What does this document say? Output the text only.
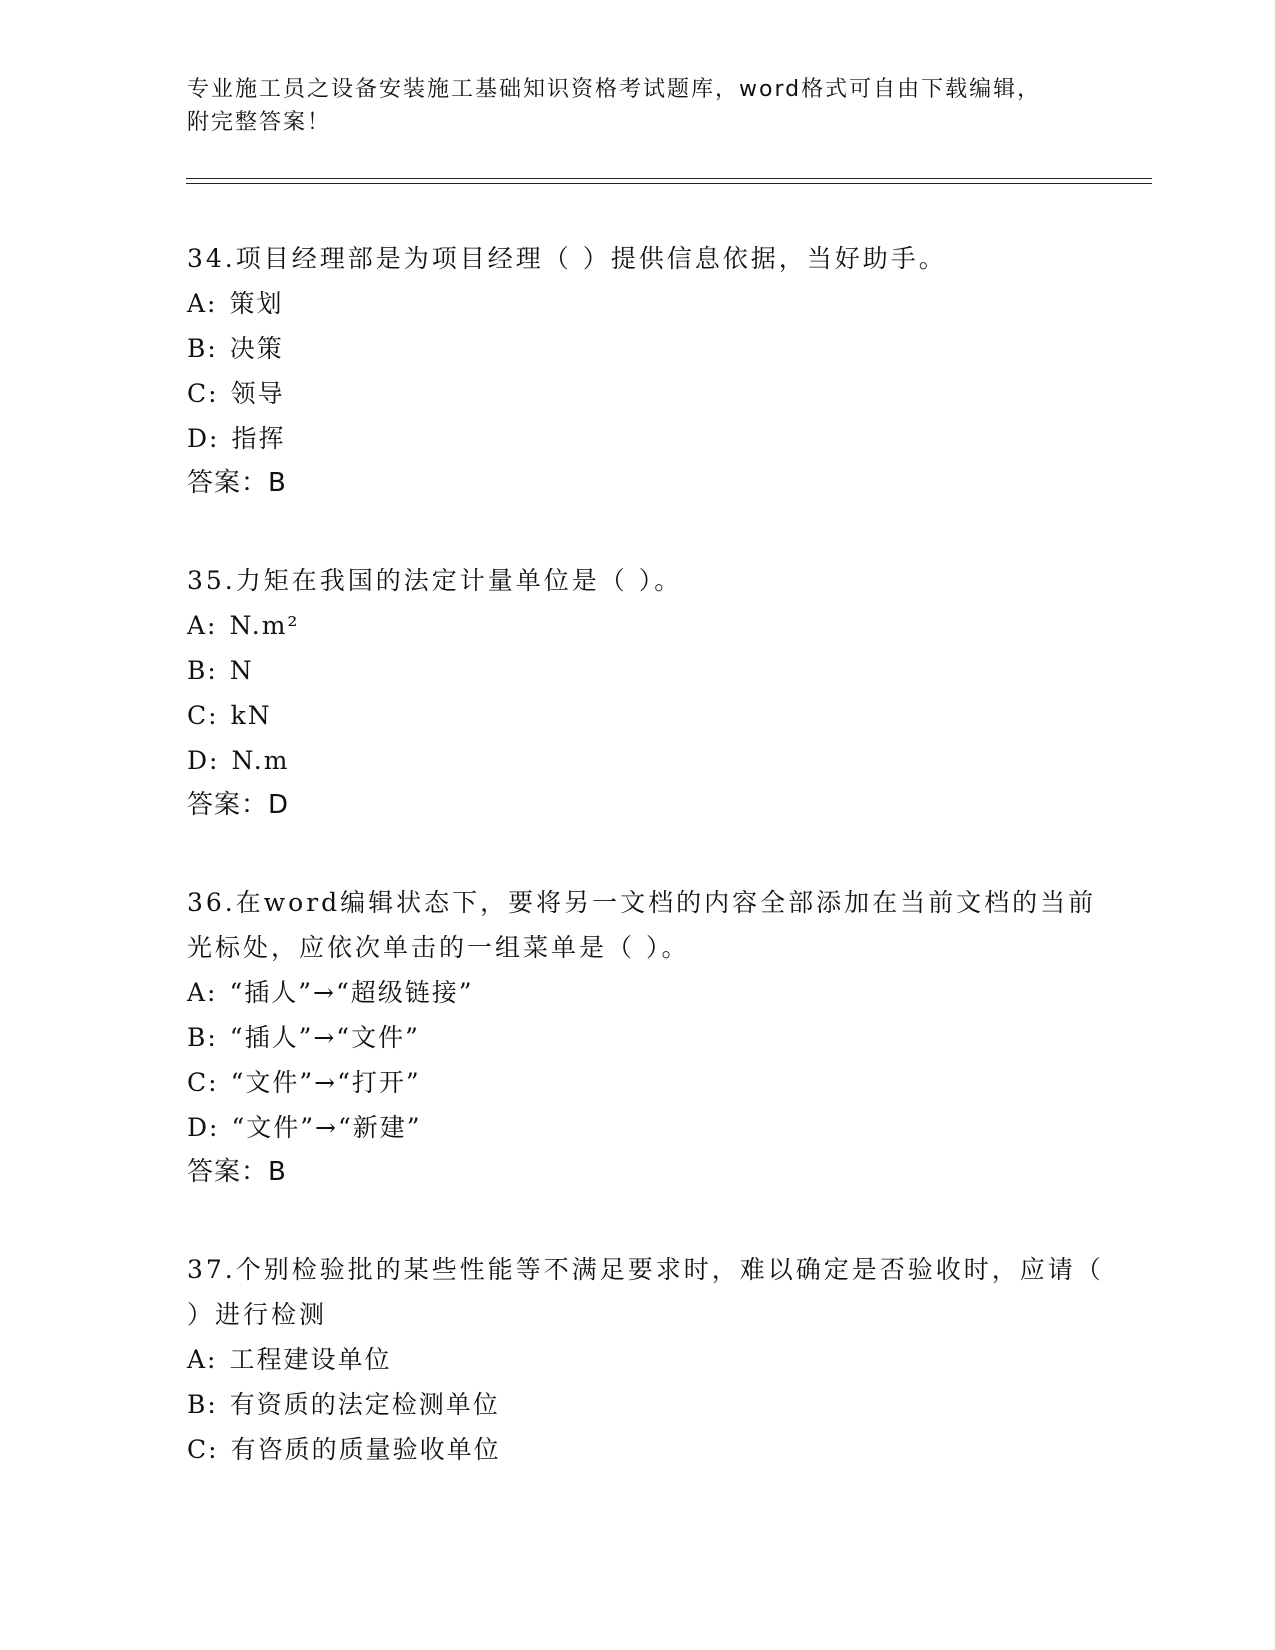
专业施工员之设备安装施工基础知识资格考试题库，word格式可自由下载编辑，
附完整答案！

34.项目经理部是为项目经理（ ）提供信息依据，当好助手。

A: 策划

B: 决策

C: 领导

D: 指挥

答案：B

35.力矩在我国的法定计量单位是（ ）。

A: N.m²

B: N

C: kN

D: N.m

答案：D

36.在word编辑状态下，要将另一文档的内容全部添加在当前文档的当前光标处，应依次单击的一组菜单是（ ）。

A: “插人”→“超级链接”

B: “插人”→“文件”

C: “文件”→“打开”

D: “文件”→“新建”

答案：B

37.个别检验批的某些性能等不满足要求时，难以确定是否验收时，应请（ ）进行检测

A: 工程建设单位

B: 有资质的法定检测单位

C: 有咨质的质量验收单位
